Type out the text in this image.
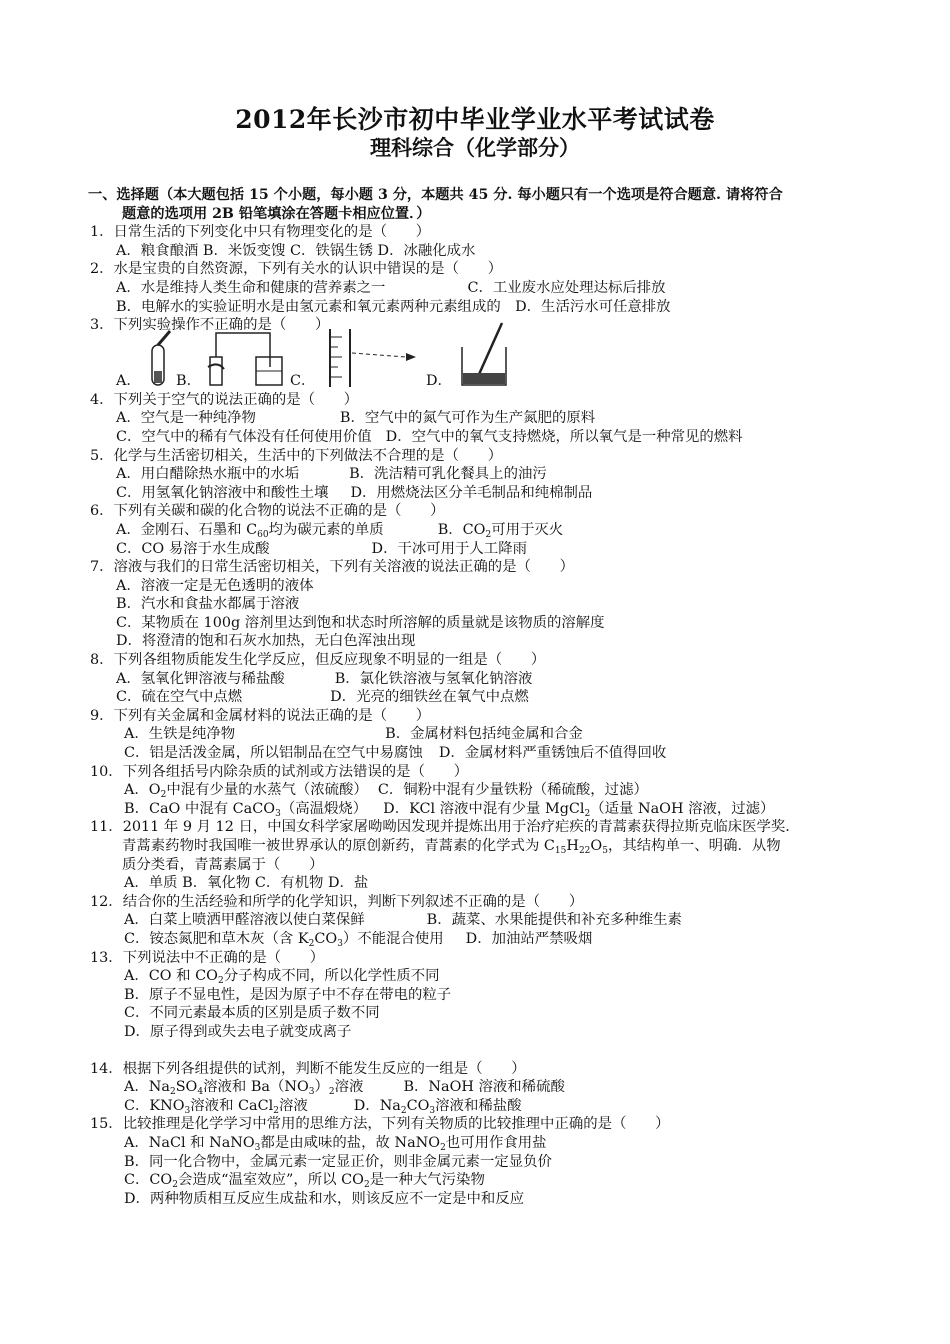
2012年长沙市初中毕业学业水平考试试卷
理科综合（化学部分）
一、选择题（本大题包括 15 个小题，每小题 3 分，本题共 45 分. 每小题只有一个选项是符合题意. 请将符合
题意的选项用 2B 铅笔填涂在答题卡相应位置．）
1．日常生活的下列变化中只有物理变化的是（　　）
A．粮食酿酒 B．米饭变馊 C．铁锅生锈 D．冰融化成水
2．水是宝贵的自然资源，下列有关水的认识中错误的是（　　）
A．水是维持人类生命和健康的营养素之一	C．工业废水应处理达标后排放
B．电解水的实验证明水是由氢元素和氧元素两种元素组成的　D．生活污水可任意排放
3．下列实验操作不正确的是（　　）
A． B．	C．	D．
4．下列关于空气的说法正确的是（　　）
A．空气是一种纯净物	B．空气中的氮气可作为生产氮肥的原料
C．空气中的稀有气体没有任何使用价值 D．空气中的氧气支持燃烧，所以氧气是一种常见的燃料
5．化学与生活密切相关，生活中的下列做法不合理的是（　　）
A．用白醋除热水瓶中的水垢	B．洗洁精可乳化餐具上的油污
C．用氢氧化钠溶液中和酸性土壤 D．用燃烧法区分羊毛制品和纯棉制品
6．下列有关碳和碳的化合物的说法不正确的是（　　）
A．金刚石、石墨和 $C_{60}$均为碳元素的单质	B．$CO_2$可用于灭火
C．CO 易溶于水生成酸	D．干冰可用于人工降雨
7．溶液与我们的日常生活密切相关，下列有关溶液的说法正确的是（　　）
A．溶液一定是无色透明的液体
B．汽水和食盐水都属于溶液
C．某物质在 100g 溶剂里达到饱和状态时所溶解的质量就是该物质的溶解度
D．将澄清的饱和石灰水加热，无白色浑浊出现
8．下列各组物质能发生化学反应，但反应现象不明显的一组是（　　）
A．氢氧化钾溶液与稀盐酸	B．氯化铁溶液与氢氧化钠溶液
C．硫在空气中点燃	D．光亮的细铁丝在氧气中点燃
9．下列有关金属和金属材料的说法正确的是（　　）
A．生铁是纯净物	B．金属材料包括纯金属和合金
C．铝是活泼金属，所以铝制品在空气中易腐蚀 D．金属材料严重锈蚀后不值得回收
10．下列各组括号内除杂质的试剂或方法错误的是（　　）
A．$O_2$中混有少量的水蒸气（浓硫酸） C．铜粉中混有少量铁粉（稀硫酸，过滤）
B．CaO 中混有 CaCO$_3$（高温煅烧） D．KCl 溶液中混有少量 MgCl$_2$（适量 NaOH 溶液，过滤）
11．2011 年 9 月 12 日，中国女科学家屠呦呦因发现并提炼出用于治疗疟疾的青蒿素获得拉斯克临床医学奖.
青蒿素药物时我国唯一被世界承认的原创新药，青蒿素的化学式为 $C_{15}H_{22}O_5$，其结构单一、明确．从物
质分类看，青蒿素属于（　　）
A．单质 B．氧化物 C．有机物 D．盐
12．结合你的生活经验和所学的化学知识，判断下列叙述不正确的是（　　）
A．白菜上喷洒甲醛溶液以使白菜保鲜	B．蔬菜、水果能提供和补充多种维生素
C．铵态氮肥和草木灰（含 $K_2CO_3$）不能混合使用 D．加油站严禁吸烟
13．下列说法中不正确的是（　　）
A．CO 和 $CO_2$分子构成不同，所以化学性质不同
B．原子不显电性，是因为原子中不存在带电的粒子
C．不同元素最本质的区别是质子数不同
D．原子得到或失去电子就变成离子
14．根据下列各组提供的试剂，判断不能发生反应的一组是（　　）
A．$Na_2SO_4$溶液和 $Ba(NO_3)_2$溶液	B．NaOH 溶液和稀硫酸
C．$KNO_3$溶液和 CaCl$_2$溶液	D．$Na_2CO_3$溶液和稀盐酸
15．比较推理是化学学习中常用的思维方法，下列有关物质的比较推理中正确的是（　　）
A．NaCl 和 NaNO$_3$都是由咸味的盐，故 NaNO$_2$也可用作食用盐
B．同一化合物中，金属元素一定显正价，则非金属元素一定显负价
C．$CO_2$会造成“温室效应”，所以 $CO_2$是一种大气污染物
D．两种物质相互反应生成盐和水，则该反应不一定是中和反应
